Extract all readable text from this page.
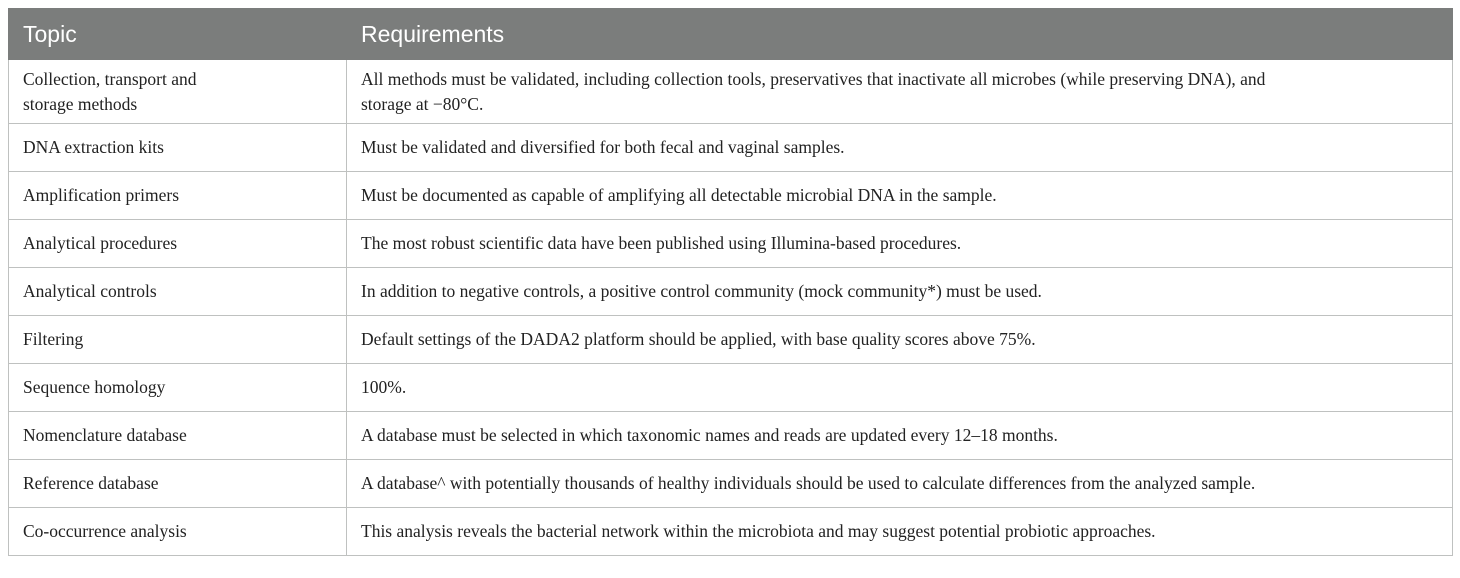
Topic	Requirements
Collection, transport and
storage methods	All methods must be validated, including collection tools, preservatives that inactivate all microbes (while preserving DNA), and
storage at −80°C.
DNA extraction kits	Must be validated and diversified for both fecal and vaginal samples.
Amplification primers	Must be documented as capable of amplifying all detectable microbial DNA in the sample.
Analytical procedures	The most robust scientific data have been published using Illumina-based procedures.
Analytical controls	In addition to negative controls, a positive control community (mock community*) must be used.
Filtering	Default settings of the DADA2 platform should be applied, with base quality scores above 75%.
Sequence homology	100%.
Nomenclature database	A database must be selected in which taxonomic names and reads are updated every 12–18 months.
Reference database	A database^ with potentially thousands of healthy individuals should be used to calculate differences from the analyzed sample.
Co-occurrence analysis	This analysis reveals the bacterial network within the microbiota and may suggest potential probiotic approaches.
